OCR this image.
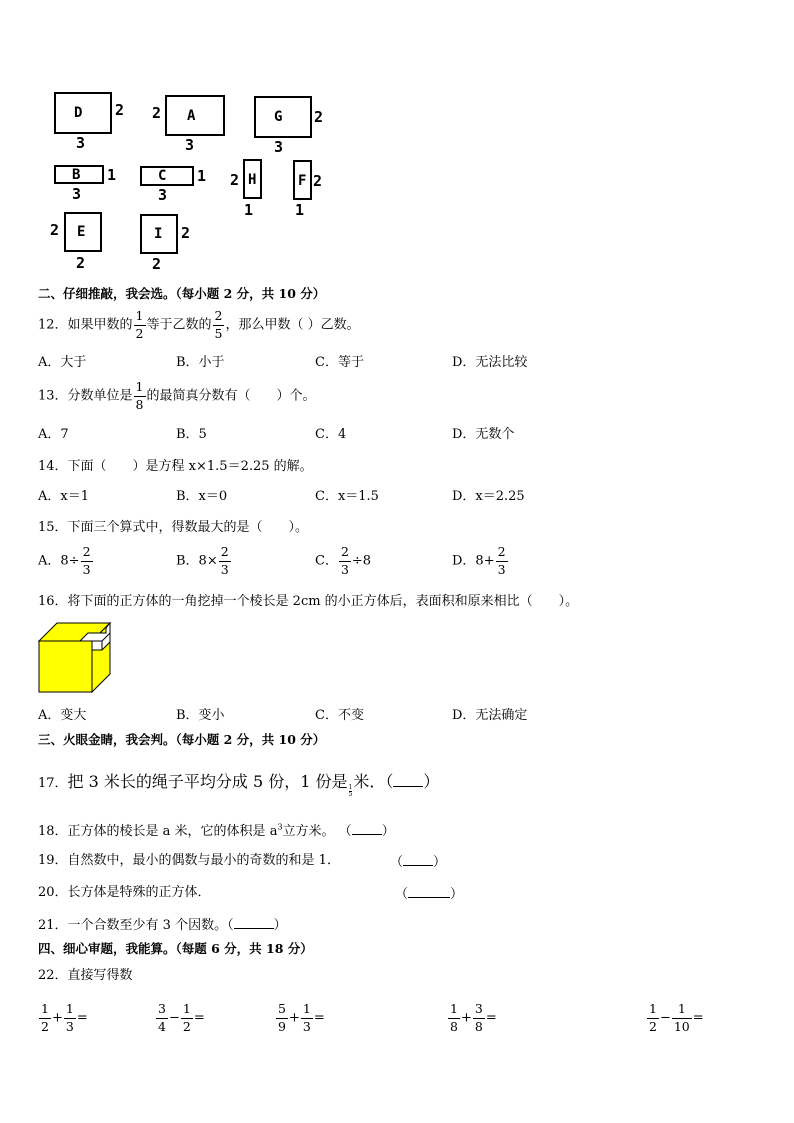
D 2
3
A
2
3
G 2
3
B 1
3
C 1
3
H
2
1
F 2
1
E
2
2
I 2
2
二、仔细推敲，我会选。（每小题 2 分，共 10 分）
12．如果甲数的 $\frac{1}{2}$ 等于乙数的 $\frac{2}{5}$ ，那么甲数（ ）乙数。
A．大于	B．小于	C．等于	D．无法比较
13．分数单位是 $\frac{1}{8}$ 的最简真分数有（　　）个。
A．7	B．5	C．4	D．无数个
14．下面（　　）是方程 x×1.5＝2.25 的解。
A．x＝1	B．x＝0	C．x＝1.5	D．x＝2.25
15．下面三个算式中，得数最大的是（　　）。
A．$8\div \frac{2}{3}$	B．$8\times \frac{2}{3}$	C． $\frac{2}{3} \div 8$	D．$8+ \frac{2}{3}$
16．将下面的正方体的一角挖掉一个棱长是 2cm 的小正方体后，表面积和原来相比（　　）。
A．变大	B．变小	C．不变	D．无法确定
三、火眼金睛，我会判。（每小题 2 分，共 10 分）
17．把 3 米长的绳子平均分成 5 份，1 份是
$\frac{1}{5}$
米．（ ）
18．正方体的棱长是 a 米，它的体积是 $a^3$立方米。 （ ）
19．自然数中，最小的偶数与最小的奇数的和是 1．	（ ）
20．长方体是特殊的正方体．	（	）
21．一个合数至少有 3 个因数。（	）
四、细心审题，我能算。（每题 6 分，共 18 分）
22．直接写得数
$\frac{1}{2} + \frac{1}{3}$ =	$\frac{3}{4} - \frac{1}{2}$ =	$\frac{5}{9} + \frac{1}{3}$ =	$\frac{1}{8} + \frac{3}{8}$ =	$\frac{1}{2} - \frac{1}{10}$ =
